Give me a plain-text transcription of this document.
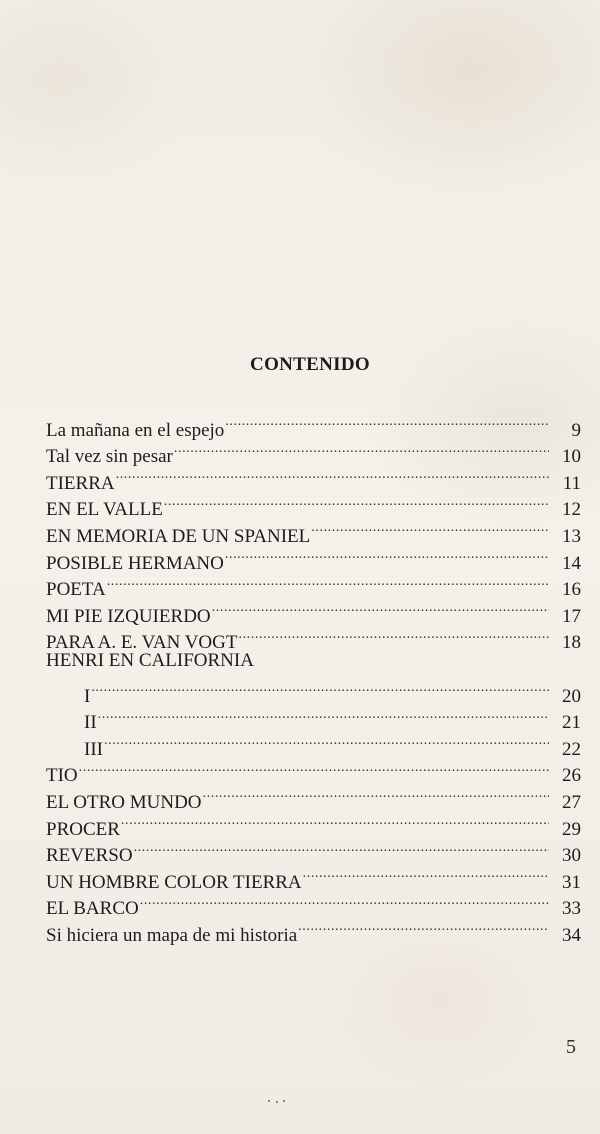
CONTENIDO
La mañana en el espejo .....	9
Tal vez sin pesar .....	10
TIERRA .....	11
EN EL VALLE .....	12
EN MEMORIA DE UN SPANIEL .....	13
POSIBLE HERMANO .....	14
POETA .....	16
MI PIE IZQUIERDO .....	17
PARA A. E. VAN VOGT .....	18
HENRI EN CALIFORNIA
I .....	20
II .....	21
III .....	22
TIO .....	26
EL OTRO MUNDO .....	27
PROCER .....	29
REVERSO .....	30
UN HOMBRE COLOR TIERRA .....	31
EL BARCO .....	33
Si hiciera un mapa de mi historia .....	34
5
